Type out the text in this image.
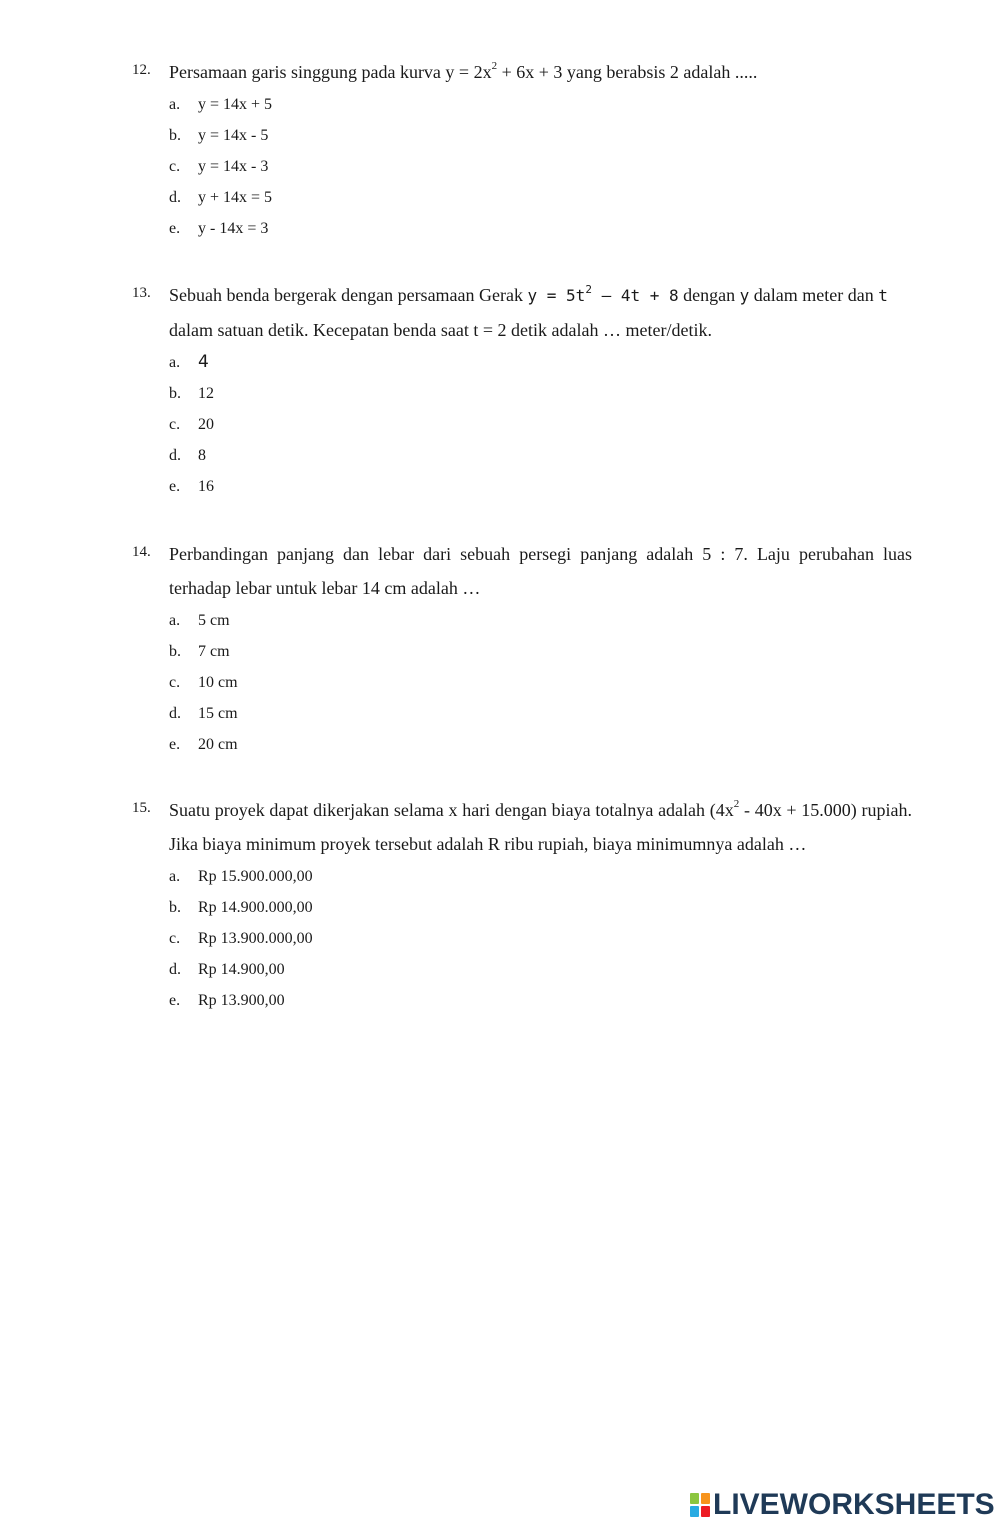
12. Persamaan garis singgung pada kurva $y = 2x^2 + 6x + 3$ yang berabsis 2 adalah .....
a. y = 14x + 5
b. y = 14x - 5
c. y = 14x - 3
d. y + 14x = 5
e. y - 14x = 3
13. Sebuah benda bergerak dengan persamaan Gerak $y = 5t^2 - 4t + 8$ dengan y dalam meter dan t
dalam satuan detik. Kecepatan benda saat t = 2 detik adalah … meter/detik.
a. 4
b. 12
c. 20
d. 8
e. 16
14. Perbandingan panjang dan lebar dari sebuah persegi panjang adalah 5 : 7. Laju perubahan luas terhadap lebar untuk lebar 14 cm adalah …
a. 5 cm
b. 7 cm
c. 10 cm
d. 15 cm
e. 20 cm
15. Suatu proyek dapat dikerjakan selama x hari dengan biaya totalnya adalah $(4x^2 - 40x + 15.000)$ rupiah. Jika biaya minimum proyek tersebut adalah R ribu rupiah, biaya minimumnya adalah …
a. Rp 15.900.000,00
b. Rp 14.900.000,00
c. Rp 13.900.000,00
d. Rp 14.900,00
e. Rp 13.900,00
LIVEWORKSHEETS
